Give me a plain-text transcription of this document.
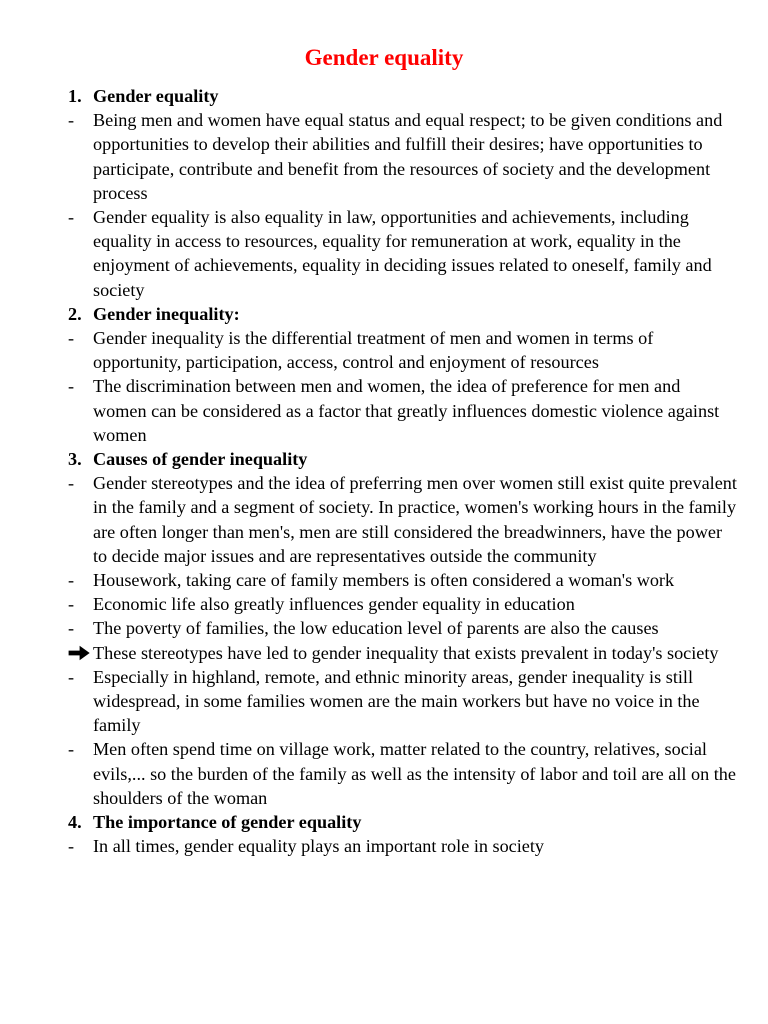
Gender equality
1. Gender equality
-	Being men and women have equal status and equal respect; to be given conditions and opportunities to develop their abilities and fulfill their desires; have opportunities to participate, contribute and benefit from the resources of society and the development process
-	Gender equality is also equality in law, opportunities and achievements, including equality in access to resources, equality for remuneration at work, equality in the enjoyment of achievements, equality in deciding issues related to oneself, family and society
2. Gender inequality:
-	Gender inequality is the differential treatment of men and women in terms of opportunity, participation, access, control and enjoyment of resources
-	The discrimination between men and women, the idea of preference for men and women can be considered as a factor that greatly influences domestic violence against women
3. Causes of gender inequality
-	Gender stereotypes and the idea of preferring men over women still exist quite prevalent in the family and a segment of society. In practice, women's working hours in the family are often longer than men's, men are still considered the breadwinners, have the power to decide major issues and are representatives outside the community
-	Housework, taking care of family members is often considered a woman's work
-	Economic life also greatly influences gender equality in education
-	The poverty of families, the low education level of parents are also the causes
These stereotypes have led to gender inequality that exists prevalent in today's society
-	Especially in highland, remote, and ethnic minority areas, gender inequality is still widespread, in some families women are the main workers but have no voice in the family
-	Men often spend time on village work, matter related to the country, relatives, social evils,... so the burden of the family as well as the intensity of labor and toil are all on the shoulders of the woman
4. The importance of gender equality
-	In all times, gender equality plays an important role in society
